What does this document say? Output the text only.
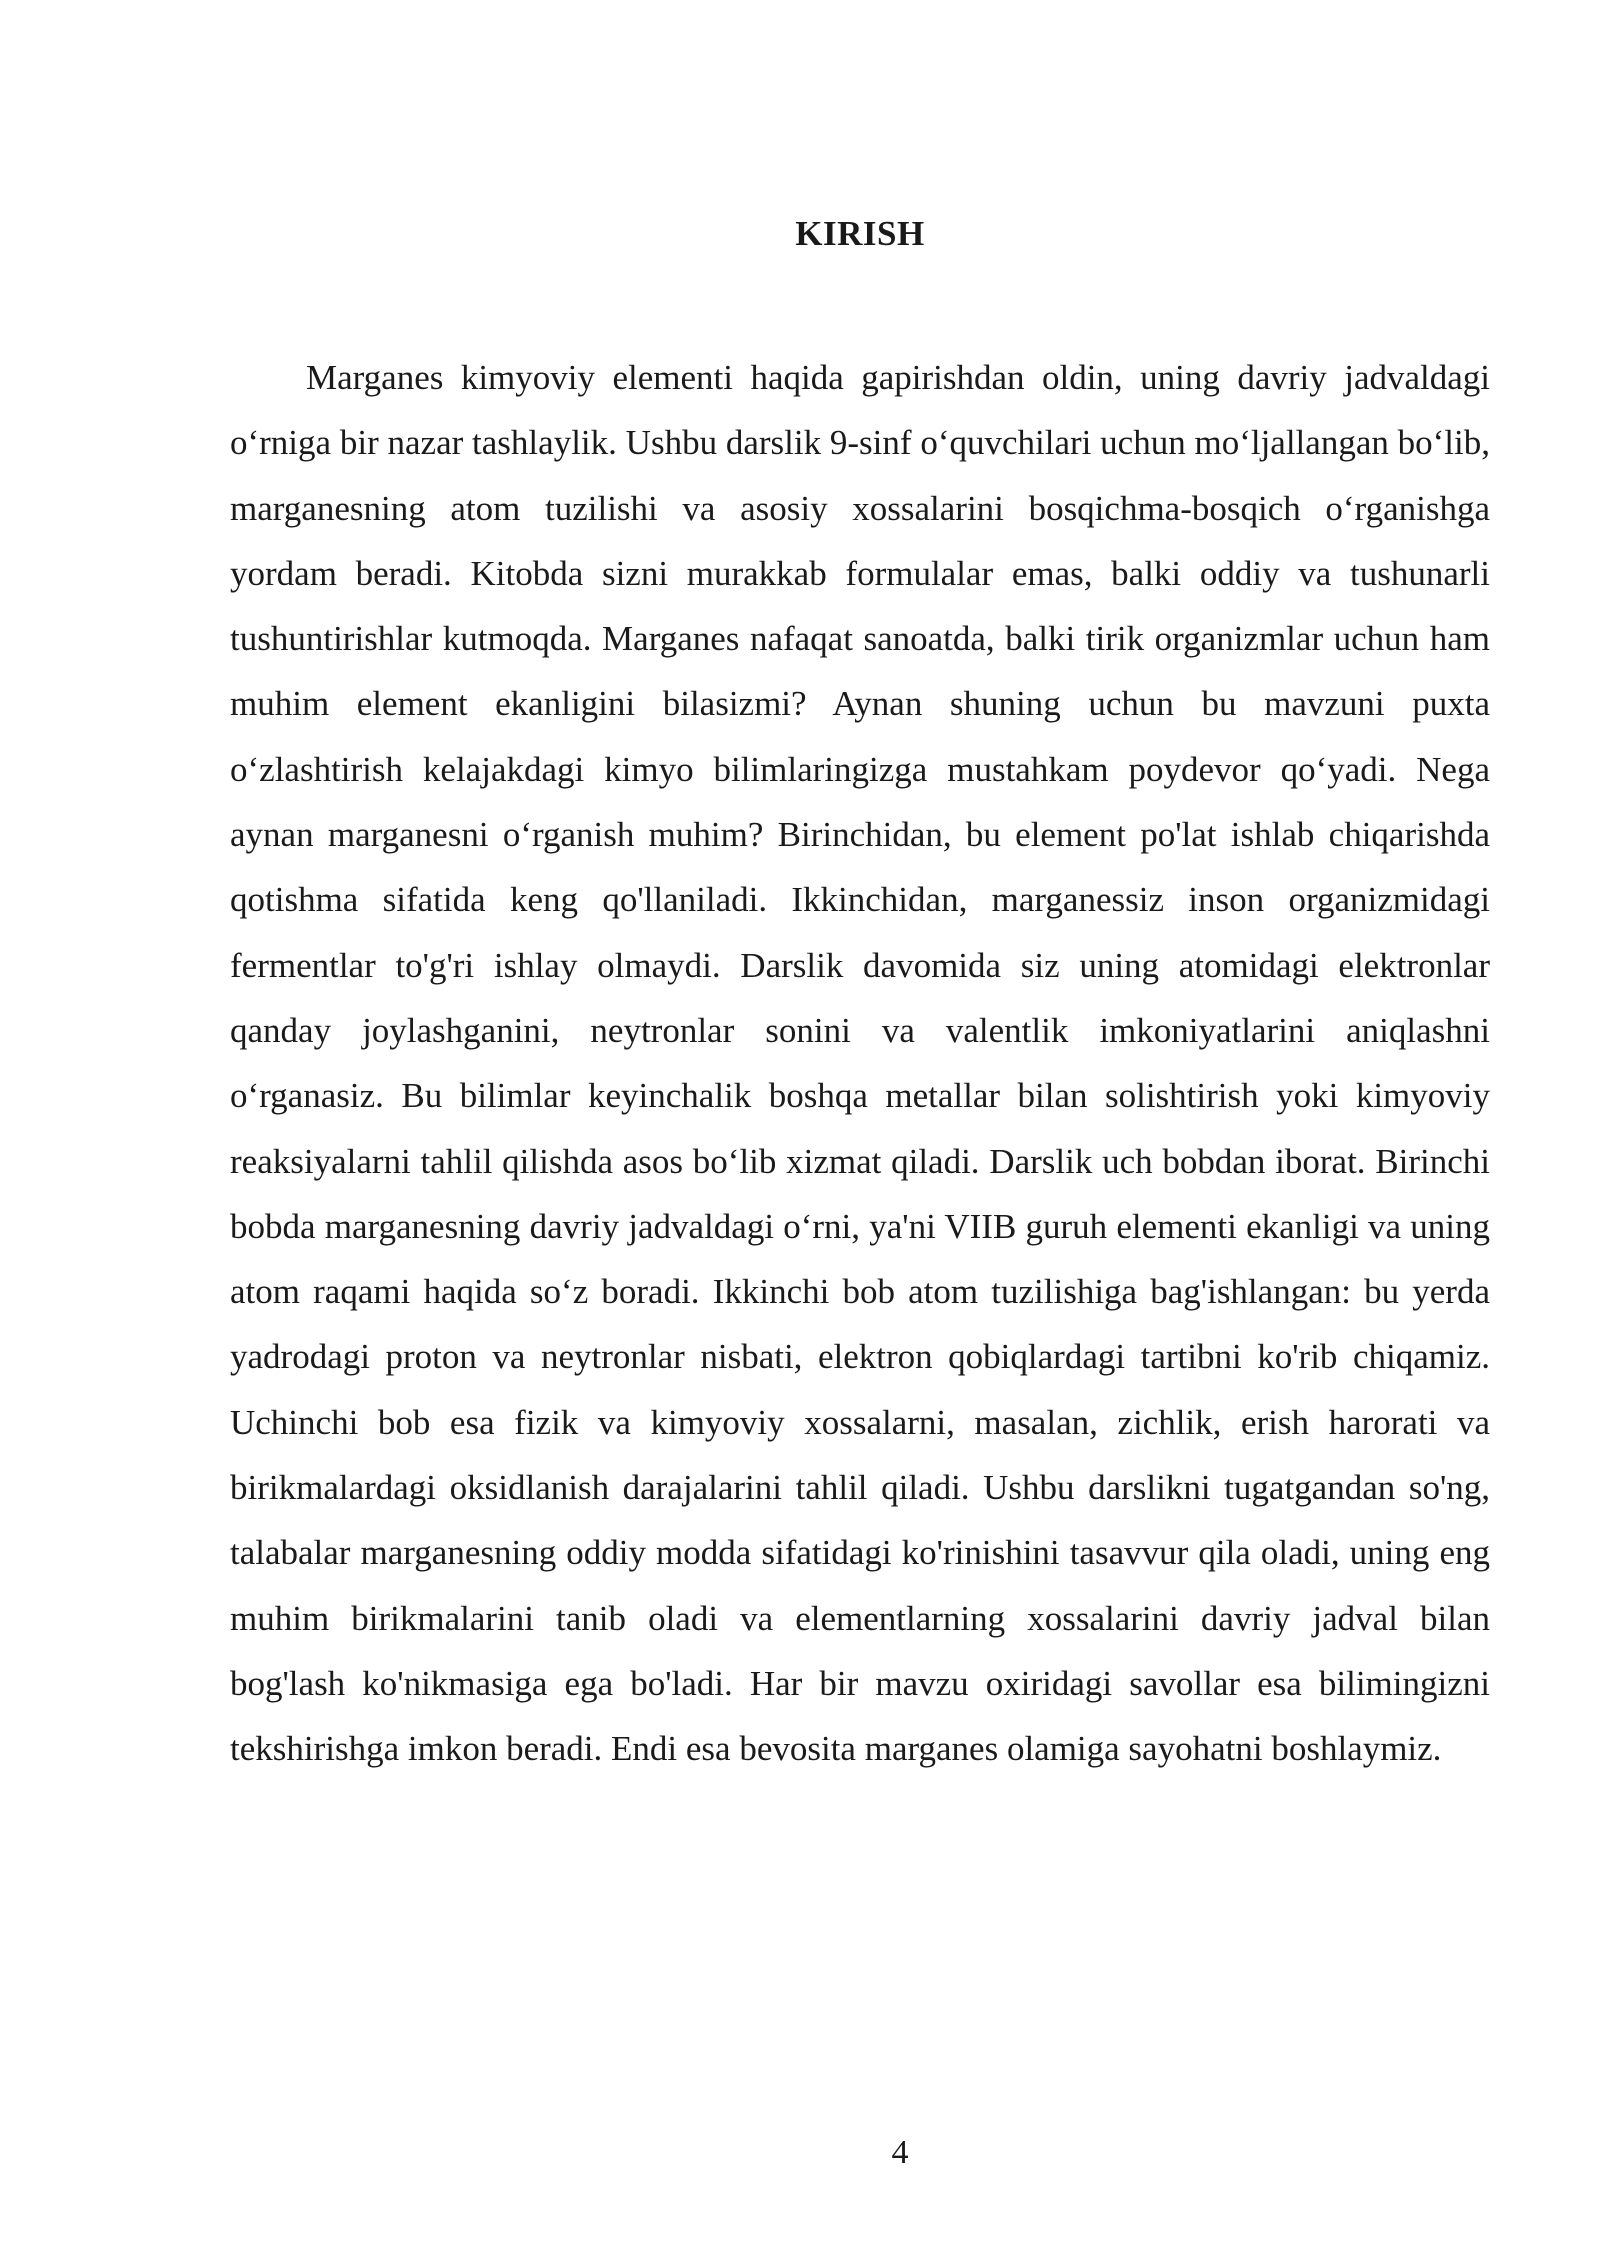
KIRISH

Marganes kimyoviy elementi haqida gapirishdan oldin, uning davriy jadvaldagi o‘rniga bir nazar tashlaylik. Ushbu darslik 9-sinf o‘quvchilari uchun mo‘ljallangan bo‘lib, marganesning atom tuzilishi va asosiy xossalarini bosqichma-bosqich o‘rganishga yordam beradi. Kitobda sizni murakkab formulalar emas, balki oddiy va tushunarli tushuntirishlar kutmoqda. Marganes nafaqat sanoatda, balki tirik organizmlar uchun ham muhim element ekanligini bilasizmi? Aynan shuning uchun bu mavzuni puxta o‘zlashtirish kelajakdagi kimyo bilimlaringizga mustahkam poydevor qo‘yadi. Nega aynan marganesni o‘rganish muhim? Birinchidan, bu element po'lat ishlab chiqarishda qotishma sifatida keng qo'llaniladi. Ikkinchidan, marganessiz inson organizmidagi fermentlar to'g'ri ishlay olmaydi. Darslik davomida siz uning atomidagi elektronlar qanday joylashganini, neytronlar sonini va valentlik imkoniyatlarini aniqlashni o‘rganasiz. Bu bilimlar keyinchalik boshqa metallar bilan solishtirish yoki kimyoviy reaksiyalarni tahlil qilishda asos bo‘lib xizmat qiladi. Darslik uch bobdan iborat. Birinchi bobda marganesning davriy jadvaldagi o‘rni, ya'ni VIIB guruh elementi ekanligi va uning atom raqami haqida so‘z boradi. Ikkinchi bob atom tuzilishiga bag'ishlangan: bu yerda yadrodagi proton va neytronlar nisbati, elektron qobiqlardagi tartibni ko'rib chiqamiz. Uchinchi bob esa fizik va kimyoviy xossalarni, masalan, zichlik, erish harorati va birikmalardagi oksidlanish darajalarini tahlil qiladi. Ushbu darslikni tugatgandan so'ng, talabalar marganesning oddiy modda sifatidagi ko'rinishini tasavvur qila oladi, uning eng muhim birikmalarini tanib oladi va elementlarning xossalarini davriy jadval bilan bog'lash ko'nikmasiga ega bo'ladi. Har bir mavzu oxiridagi savollar esa bilimingizni tekshirishga imkon beradi. Endi esa bevosita marganes olamiga sayohatni boshlaymiz.

4
